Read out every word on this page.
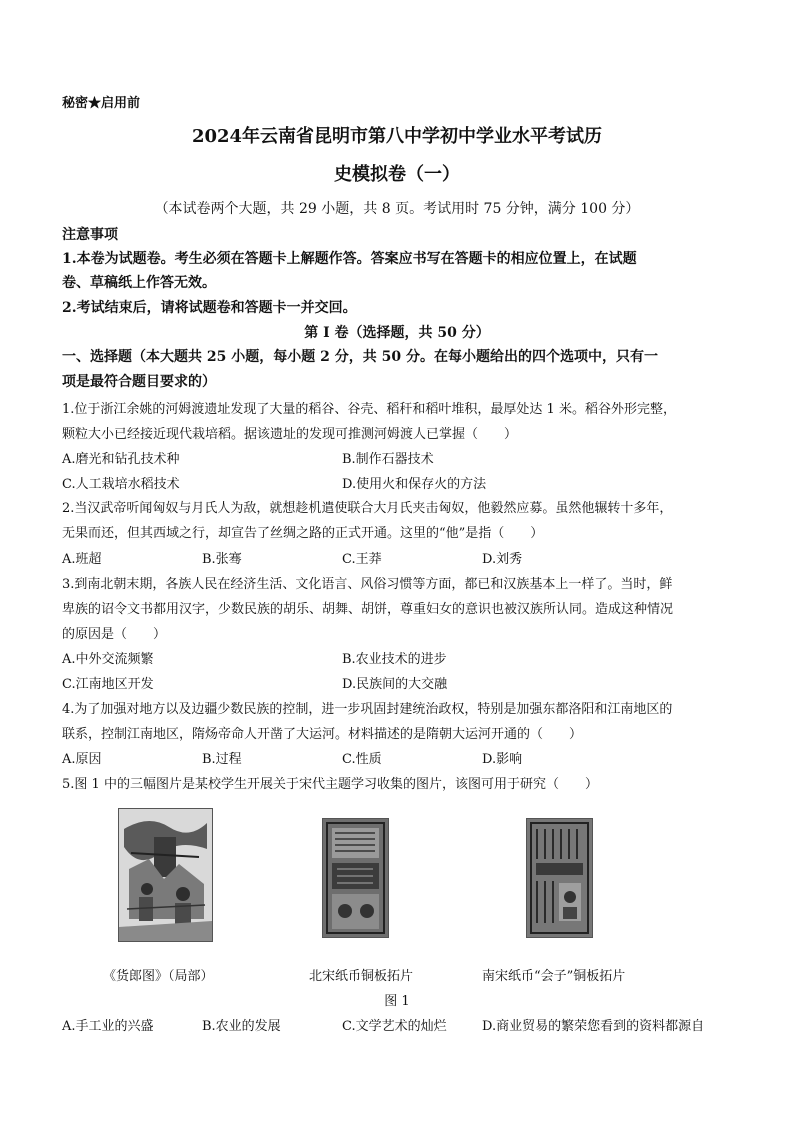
秘密★启用前
2024年云南省昆明市第八中学初中学业水平考试历
史模拟卷（一）
（本试卷两个大题，共 29 小题，共 8 页。考试用时 75 分钟，满分 100 分）
注意事项
1.本卷为试题卷。考生必须在答题卡上解题作答。答案应书写在答题卡的相应位置上，在试题
卷、草稿纸上作答无效。
2.考试结束后，请将试题卷和答题卡一并交回。
第 I 卷（选择题，共 50 分）
一、选择题（本大题共 25 小题，每小题 2 分，共 50 分。在每小题给出的四个选项中，只有一
项是最符合题目要求的）
1.位于浙江余姚的河姆渡遗址发现了大量的稻谷、谷壳、稻秆和稻叶堆积，最厚处达 1 米。稻谷外形完整，
颗粒大小已经接近现代栽培稻。据该遗址的发现可推测河姆渡人已掌握（　　）
A.磨光和钻孔技术种	B.制作石器技术
C.人工栽培水稻技术	D.使用火和保存火的方法
2.当汉武帝听闻匈奴与月氏人为敌，就想趁机遣使联合大月氏夹击匈奴，他毅然应募。虽然他辗转十多年，
无果而还，但其西域之行，却宣告了丝绸之路的正式开通。这里的“他”是指（　　）
A.班超	B.张骞	C.王莽	D.刘秀
3.到南北朝末期，各族人民在经济生活、文化语言、风俗习惯等方面，都已和汉族基本上一样了。当时，鲜
卑族的诏令文书都用汉字，少数民族的胡乐、胡舞、胡饼，尊重妇女的意识也被汉族所认同。造成这种情况
的原因是（　　）
A.中外交流频繁	B.农业技术的进步
C.江南地区开发	D.民族间的大交融
4.为了加强对地方以及边疆少数民族的控制，进一步巩固封建统治政权，特别是加强东都洛阳和江南地区的
联系，控制江南地区，隋炀帝命人开凿了大运河。材料描述的是隋朝大运河开通的（　　）
A.原因	B.过程	C.性质	D.影响
5.图 1 中的三幅图片是某校学生开展关于宋代主题学习收集的图片，该图可用于研究（　　）
《货郎图》（局部）	北宋纸币铜板拓片	南宋纸币“会子”铜板拓片
图 1
A.手工业的兴盛	B.农业的发展	C.文学艺术的灿烂	D.商业贸易的繁荣您看到的资料都源自
